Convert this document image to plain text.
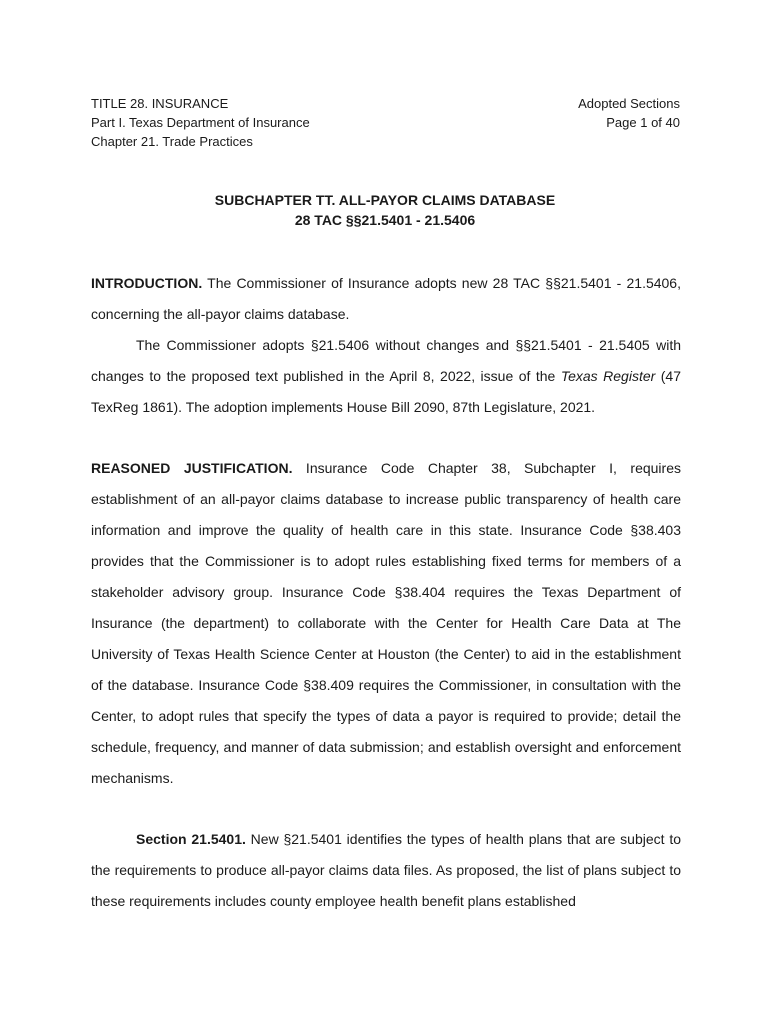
TITLE 28. INSURANCE
Part I. Texas Department of Insurance
Chapter 21. Trade Practices
Adopted Sections
Page 1 of 40
SUBCHAPTER TT. ALL-PAYOR CLAIMS DATABASE
28 TAC §§21.5401 - 21.5406

INTRODUCTION. The Commissioner of Insurance adopts new 28 TAC §§21.5401 - 21.5406, concerning the all-payor claims database.

The Commissioner adopts §21.5406 without changes and §§21.5401 - 21.5405 with changes to the proposed text published in the April 8, 2022, issue of the Texas Register (47 TexReg 1861). The adoption implements House Bill 2090, 87th Legislature, 2021.

REASONED JUSTIFICATION. Insurance Code Chapter 38, Subchapter I, requires establishment of an all-payor claims database to increase public transparency of health care information and improve the quality of health care in this state. Insurance Code §38.403 provides that the Commissioner is to adopt rules establishing fixed terms for members of a stakeholder advisory group. Insurance Code §38.404 requires the Texas Department of Insurance (the department) to collaborate with the Center for Health Care Data at The University of Texas Health Science Center at Houston (the Center) to aid in the establishment of the database. Insurance Code §38.409 requires the Commissioner, in consultation with the Center, to adopt rules that specify the types of data a payor is required to provide; detail the schedule, frequency, and manner of data submission; and establish oversight and enforcement mechanisms.

Section 21.5401. New §21.5401 identifies the types of health plans that are subject to the requirements to produce all-payor claims data files. As proposed, the list of plans subject to these requirements includes county employee health benefit plans established
